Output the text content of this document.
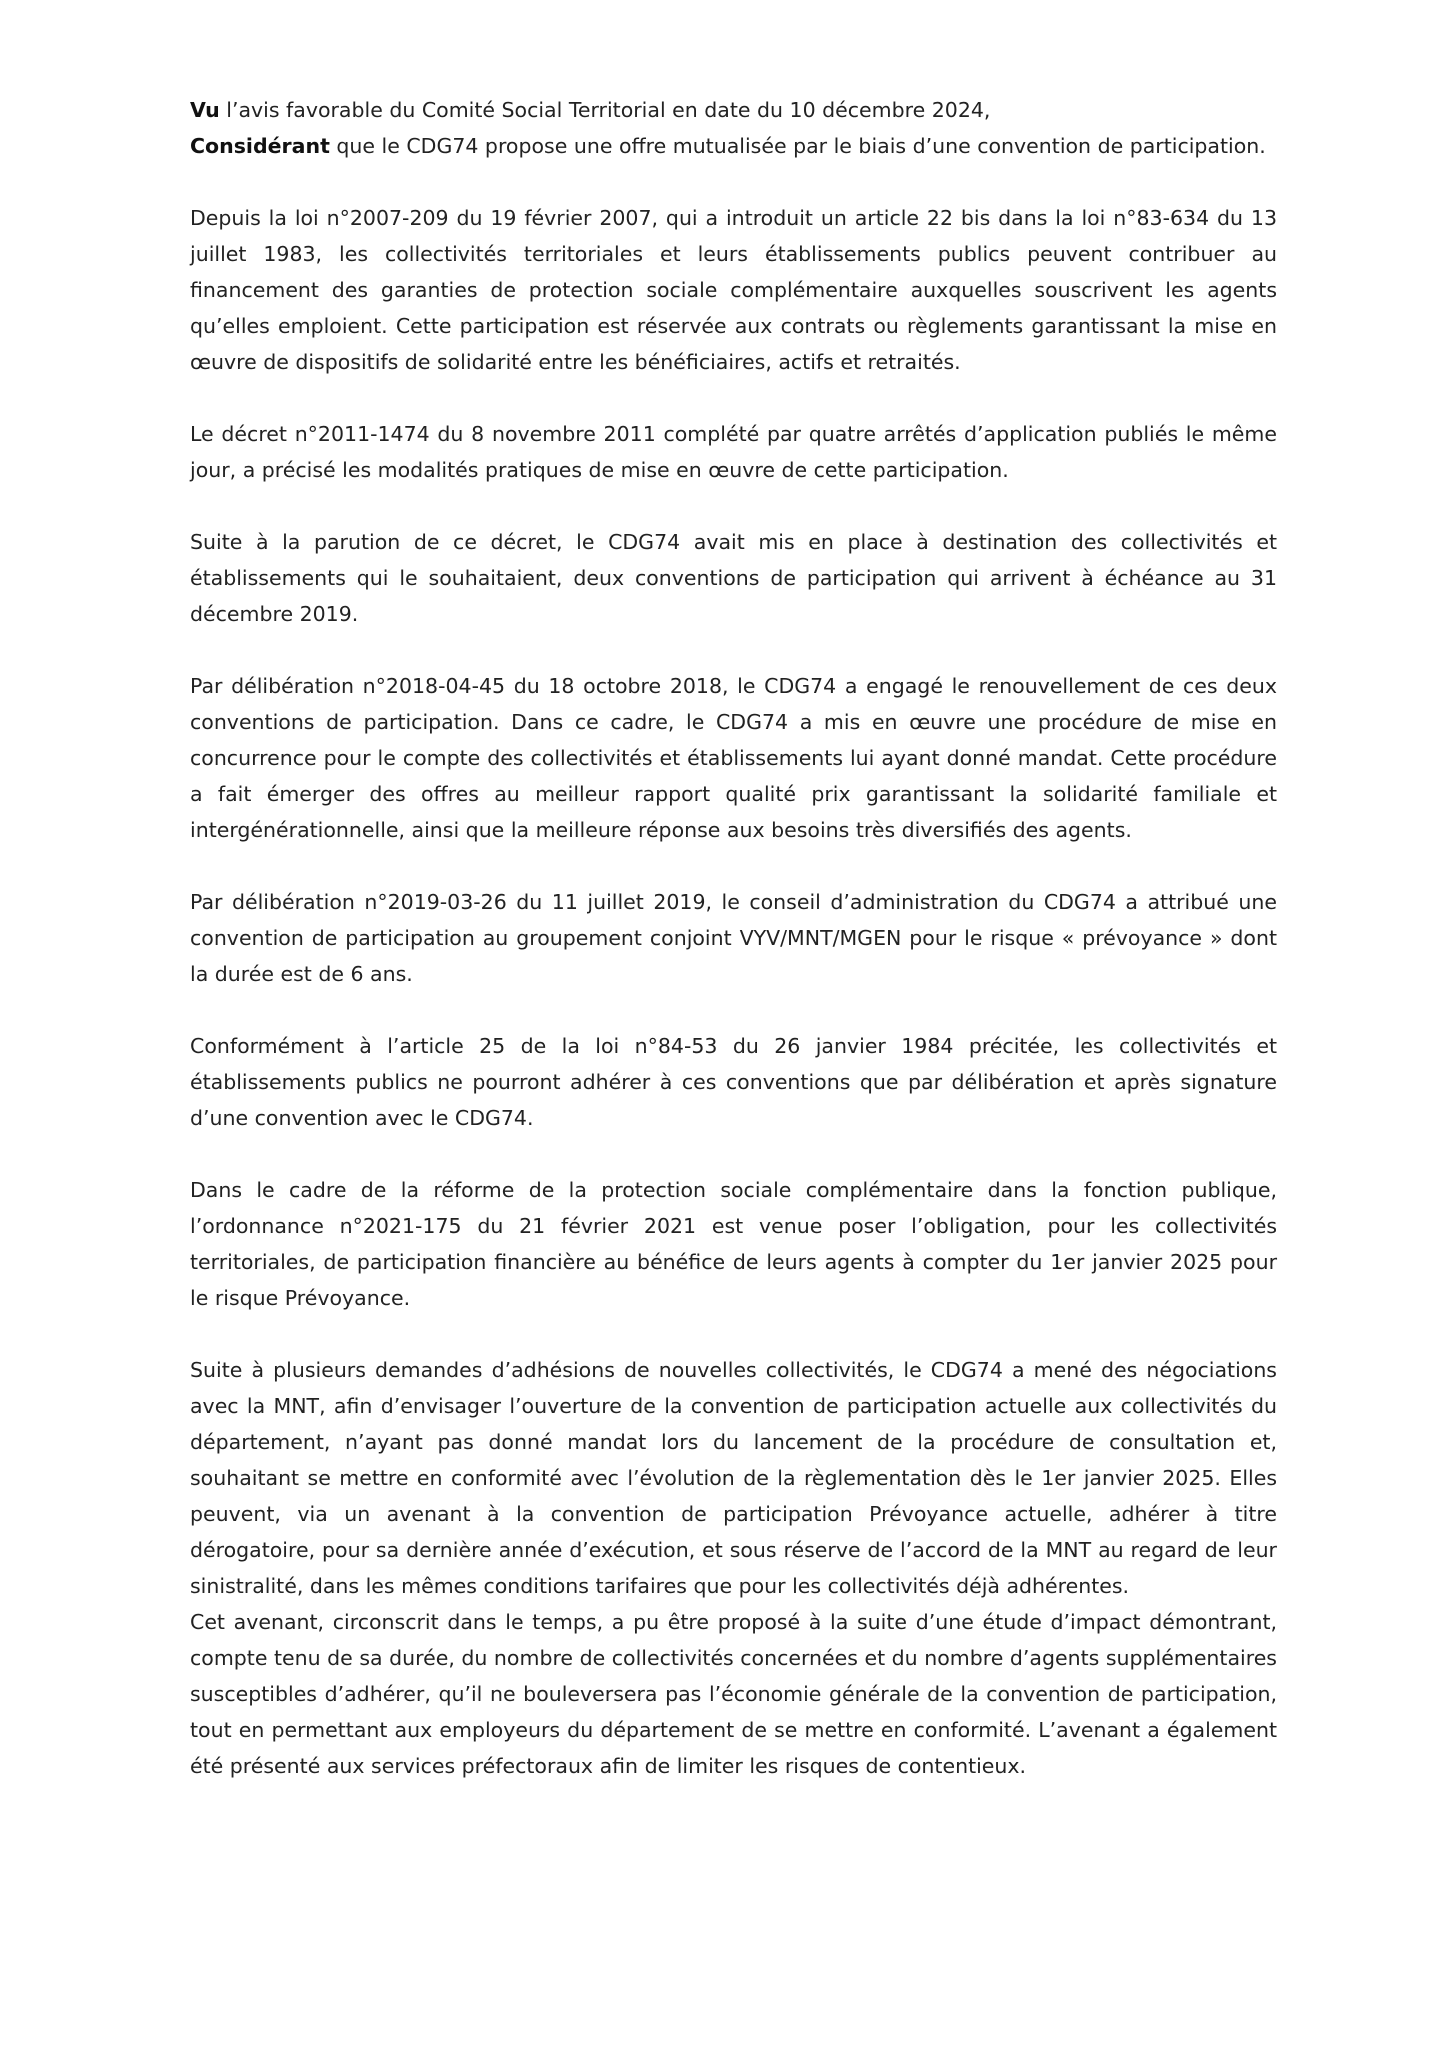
Vu l’avis favorable du Comité Social Territorial en date du 10 décembre 2024,
Considérant que le CDG74 propose une offre mutualisée par le biais d’une convention de participation.

Depuis la loi n°2007-209 du 19 février 2007, qui a introduit un article 22 bis dans la loi n°83-634 du 13 juillet 1983, les collectivités territoriales et leurs établissements publics peuvent contribuer au financement des garanties de protection sociale complémentaire auxquelles souscrivent les agents qu’elles emploient. Cette participation est réservée aux contrats ou règlements garantissant la mise en œuvre de dispositifs de solidarité entre les bénéficiaires, actifs et retraités.

Le décret n°2011-1474 du 8 novembre 2011 complété par quatre arrêtés d’application publiés le même jour, a précisé les modalités pratiques de mise en œuvre de cette participation.

Suite à la parution de ce décret, le CDG74 avait mis en place à destination des collectivités et établissements qui le souhaitaient, deux conventions de participation qui arrivent à échéance au 31 décembre 2019.

Par délibération n°2018-04-45 du 18 octobre 2018, le CDG74 a engagé le renouvellement de ces deux conventions de participation. Dans ce cadre, le CDG74 a mis en œuvre une procédure de mise en concurrence pour le compte des collectivités et établissements lui ayant donné mandat. Cette procédure a fait émerger des offres au meilleur rapport qualité prix garantissant la solidarité familiale et intergénérationnelle, ainsi que la meilleure réponse aux besoins très diversifiés des agents.

Par délibération n°2019-03-26 du 11 juillet 2019, le conseil d’administration du CDG74 a attribué une convention de participation au groupement conjoint VYV/MNT/MGEN pour le risque « prévoyance » dont la durée est de 6 ans.

Conformément à l’article 25 de la loi n°84-53 du 26 janvier 1984 précitée, les collectivités et établissements publics ne pourront adhérer à ces conventions que par délibération et après signature d’une convention avec le CDG74.

Dans le cadre de la réforme de la protection sociale complémentaire dans la fonction publique, l’ordonnance n°2021-175 du 21 février 2021 est venue poser l’obligation, pour les collectivités territoriales, de participation financière au bénéfice de leurs agents à compter du 1er janvier 2025 pour le risque Prévoyance.

Suite à plusieurs demandes d’adhésions de nouvelles collectivités, le CDG74 a mené des négociations avec la MNT, afin d’envisager l’ouverture de la convention de participation actuelle aux collectivités du département, n’ayant pas donné mandat lors du lancement de la procédure de consultation et, souhaitant se mettre en conformité avec l’évolution de la règlementation dès le 1er janvier 2025. Elles peuvent, via un avenant à la convention de participation Prévoyance actuelle, adhérer à titre dérogatoire, pour sa dernière année d’exécution, et sous réserve de l’accord de la MNT au regard de leur sinistralité, dans les mêmes conditions tarifaires que pour les collectivités déjà adhérentes.

Cet avenant, circonscrit dans le temps, a pu être proposé à la suite d’une étude d’impact démontrant, compte tenu de sa durée, du nombre de collectivités concernées et du nombre d’agents supplémentaires susceptibles d’adhérer, qu’il ne bouleversera pas l’économie générale de la convention de participation, tout en permettant aux employeurs du département de se mettre en conformité. L’avenant a également été présenté aux services préfectoraux afin de limiter les risques de contentieux.
